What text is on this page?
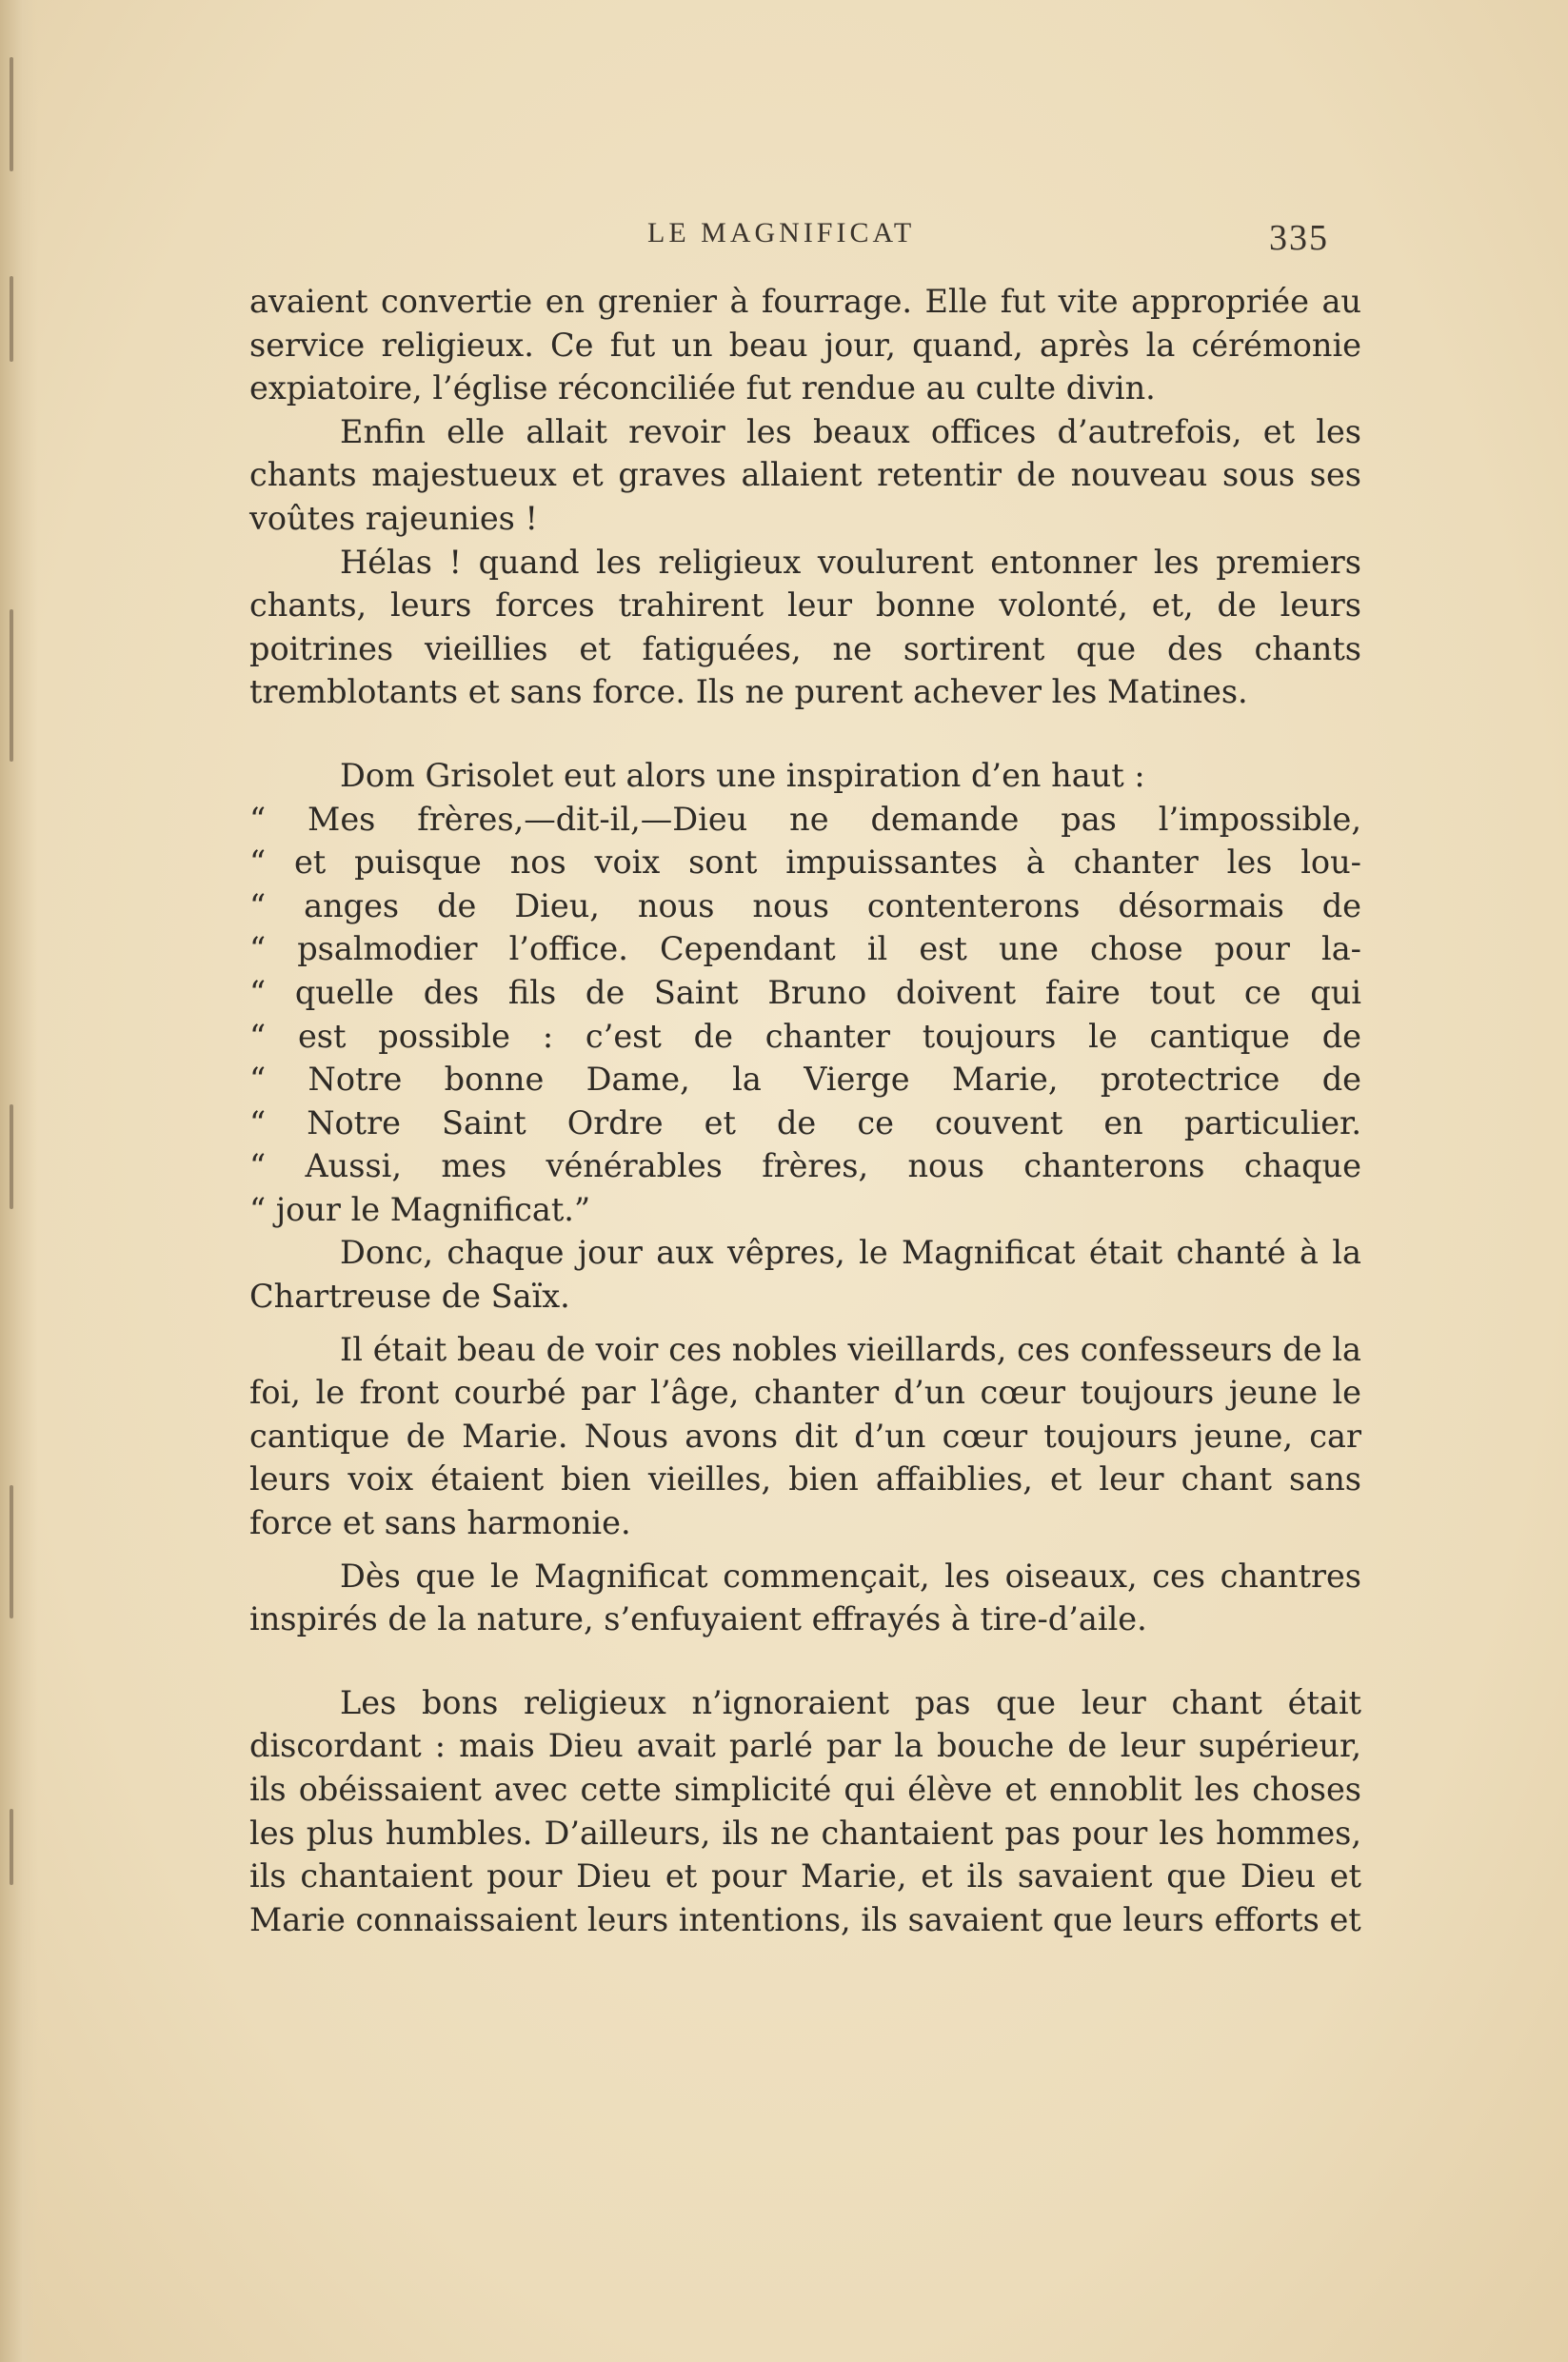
LE MAGNIFICAT	335

avaient convertie en grenier à fourrage. Elle fut vite appropriée au service religieux. Ce fut un beau jour, quand, après la cérémonie expiatoire, l’église réconciliée fut rendue au culte divin.

Enfin elle allait revoir les beaux offices d’autrefois, et les chants majestueux et graves allaient retentir de nouveau sous ses voûtes rajeunies !

Hélas ! quand les religieux voulurent entonner les premiers chants, leurs forces trahirent leur bonne volonté, et, de leurs poitrines vieillies et fatiguées, ne sortirent que des chants tremblotants et sans force. Ils ne purent achever les Matines.

Dom Grisolet eut alors une inspiration d’en haut :

“ Mes frères,—dit-il,—Dieu ne demande pas l’impossible,

“ et puisque nos voix sont impuissantes à chanter les lou-

“ anges de Dieu, nous nous contenterons désormais de

“ psalmodier l’office. Cependant il est une chose pour la-

“ quelle des fils de Saint Bruno doivent faire tout ce qui

“ est possible : c’est de chanter toujours le cantique de

“ Notre bonne Dame, la Vierge Marie, protectrice de

“ Notre Saint Ordre et de ce couvent en particulier.

“ Aussi, mes vénérables frères, nous chanterons chaque

“ jour le Magnificat.”

Donc, chaque jour aux vêpres, le Magnificat était chanté à la Chartreuse de Saïx.

Il était beau de voir ces nobles vieillards, ces confesseurs de la foi, le front courbé par l’âge, chanter d’un cœur toujours jeune le cantique de Marie. Nous avons dit d’un cœur toujours jeune, car leurs voix étaient bien vieilles, bien affaiblies, et leur chant sans force et sans harmonie.

Dès que le Magnificat commençait, les oiseaux, ces chantres inspirés de la nature, s’enfuyaient effrayés à tire-d’aile.

Les bons religieux n’ignoraient pas que leur chant était discordant : mais Dieu avait parlé par la bouche de leur supérieur, ils obéissaient avec cette simplicité qui élève et ennoblit les choses les plus humbles. D’ailleurs, ils ne chantaient pas pour les hommes, ils chantaient pour Dieu et pour Marie, et ils savaient que Dieu et Marie connaissaient leurs intentions, ils savaient que leurs efforts et
